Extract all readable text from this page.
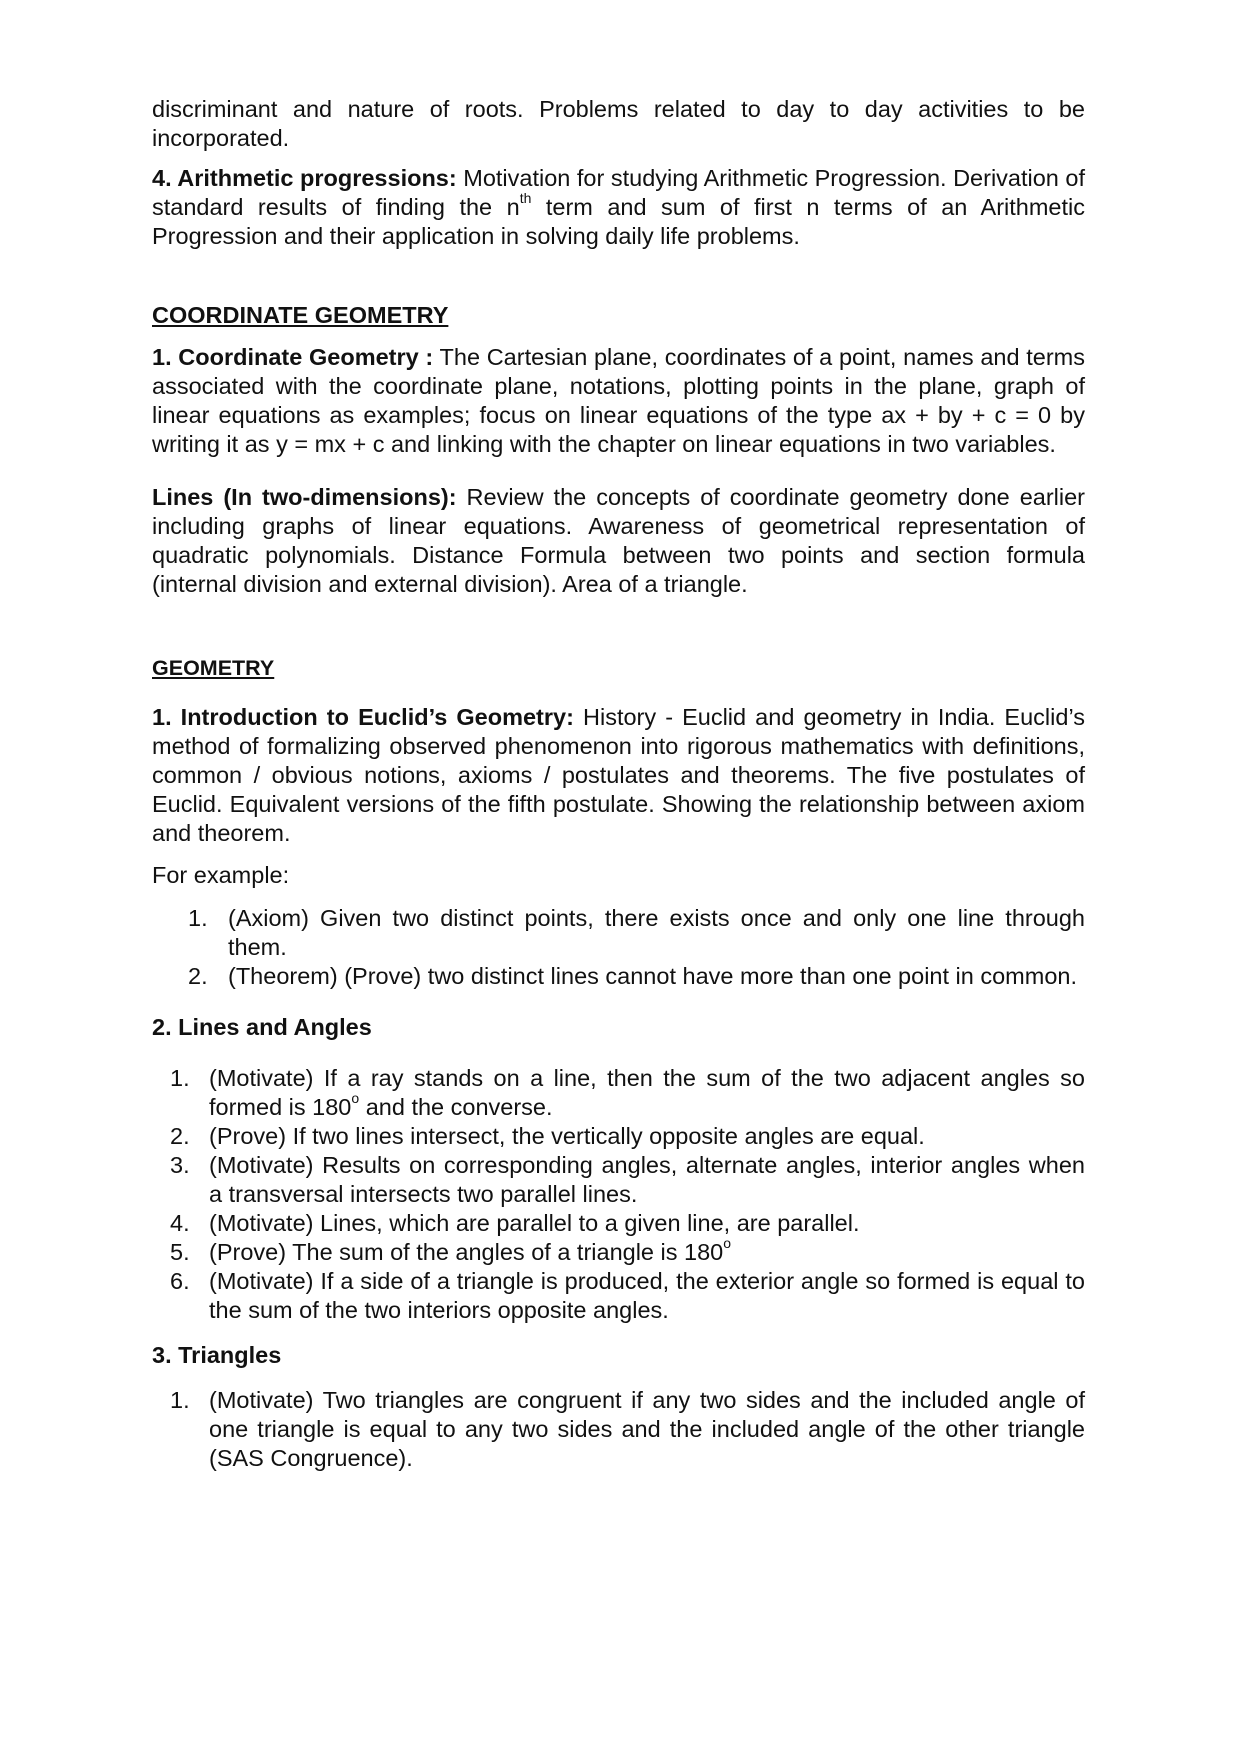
discriminant and nature of roots. Problems related to day to day activities to be incorporated.

4. Arithmetic progressions: Motivation for studying Arithmetic Progression. Derivation of standard results of finding the $n^{th}$ term and sum of first n terms of an Arithmetic Progression and their application in solving daily life problems.

COORDINATE GEOMETRY

1. Coordinate Geometry : The Cartesian plane, coordinates of a point, names and terms associated with the coordinate plane, notations, plotting points in the plane, graph of linear equations as examples; focus on linear equations of the type ax + by + c = 0 by writing it as y = mx + c and linking with the chapter on linear equations in two variables.

Lines (In two-dimensions): Review the concepts of coordinate geometry done earlier including graphs of linear equations. Awareness of geometrical representation of quadratic polynomials. Distance Formula between two points and section formula (internal division and external division). Area of a triangle.

GEOMETRY

1. Introduction to Euclid’s Geometry: History - Euclid and geometry in India. Euclid’s method of formalizing observed phenomenon into rigorous mathematics with definitions, common / obvious notions, axioms / postulates and theorems. The five postulates of Euclid. Equivalent versions of the fifth postulate. Showing the relationship between axiom and theorem.

For example:

1. (Axiom) Given two distinct points, there exists once and only one line through them.
2. (Theorem) (Prove) two distinct lines cannot have more than one point in common.

2. Lines and Angles

1. (Motivate) If a ray stands on a line, then the sum of the two adjacent angles so formed is 180$^o$ and the converse.
2. (Prove) If two lines intersect, the vertically opposite angles are equal.
3. (Motivate) Results on corresponding angles, alternate angles, interior angles when a transversal intersects two parallel lines.
4. (Motivate) Lines, which are parallel to a given line, are parallel.
5. (Prove) The sum of the angles of a triangle is 180$^o$
6. (Motivate) If a side of a triangle is produced, the exterior angle so formed is equal to the sum of the two interiors opposite angles.

3. Triangles

1. (Motivate) Two triangles are congruent if any two sides and the included angle of one triangle is equal to any two sides and the included angle of the other triangle (SAS Congruence).
